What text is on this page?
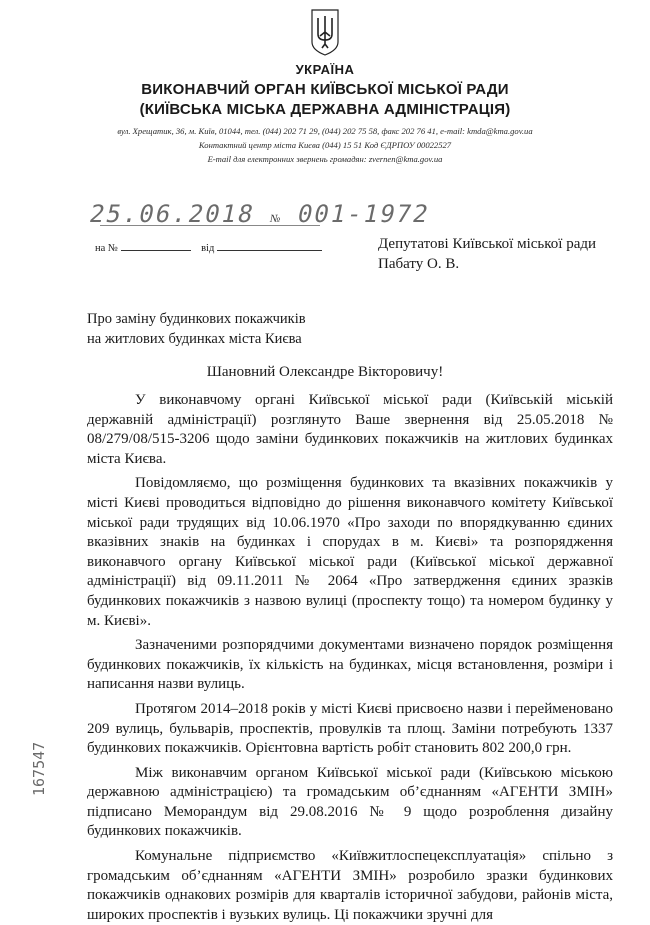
УКРАЇНА
ВИКОНАВЧИЙ ОРГАН КИЇВСЬКОЇ МІСЬКОЇ РАДИ
(КИЇВСЬКА МІСЬКА ДЕРЖАВНА АДМІНІСТРАЦІЯ)
вул. Хрещатик, 36, м. Київ, 01044, тел. (044) 202 71 29, (044) 202 75 58, факс 202 76 41, e-mail: kmda@kma.gov.ua
Контактний центр міста Києва (044) 15 51 Код ЄДРПОУ 00022527
E-mail для електронних звернень громадян: zvernen@kma.gov.ua
25.06.2018 № 001-1972
на №	від	Депутатові Київської міської ради
Пабату О. В.
Про заміну будинкових покажчиків
на житлових будинках міста Києва
Шановний Олександре Вікторовичу!

У виконавчому органі Київської міської ради (Київській міській державній адміністрації) розглянуто Ваше звернення від 25.05.2018 № 08/279/08/515-3206 щодо заміни будинкових покажчиків на житлових будинках міста Києва.

Повідомляємо, що розміщення будинкових та вказівних покажчиків у місті Києві проводиться відповідно до рішення виконавчого комітету Київської міської ради трудящих від 10.06.1970 «Про заходи по впорядкуванню єдиних вказівних знаків на будинках і спорудах в м. Києві» та розпорядження виконавчого органу Київської міської ради (Київської міської державної адміністрації) від 09.11.2011 № 2064 «Про затвердження єдиних зразків будинкових покажчиків з назвою вулиці (проспекту тощо) та номером будинку у м. Києві».

Зазначеними розпорядчими документами визначено порядок розміщення будинкових покажчиків, їх кількість на будинках, місця встановлення, розміри і написання назви вулиць.

Протягом 2014–2018 років у місті Києві присвоєно назви і перейменовано 209 вулиць, бульварів, проспектів, провулків та площ. Заміни потребують 1337 будинкових покажчиків. Орієнтовна вартість робіт становить 802 200,0 грн.

Між виконавчим органом Київської міської ради (Київською міською державною адміністрацією) та громадським об’єднанням «АГЕНТИ ЗМІН» підписано Меморандум від 29.08.2016 № 9 щодо розроблення дизайну будинкових покажчиків.

Комунальне підприємство «Київжитлоспецексплуатація» спільно з громадським об’єднанням «АГЕНТИ ЗМІН» розробило зразки будинкових покажчиків однакових розмірів для кварталів історичної забудови, районів міста, широких проспектів і вузьких вулиць. Ці покажчики зручні для

167547
